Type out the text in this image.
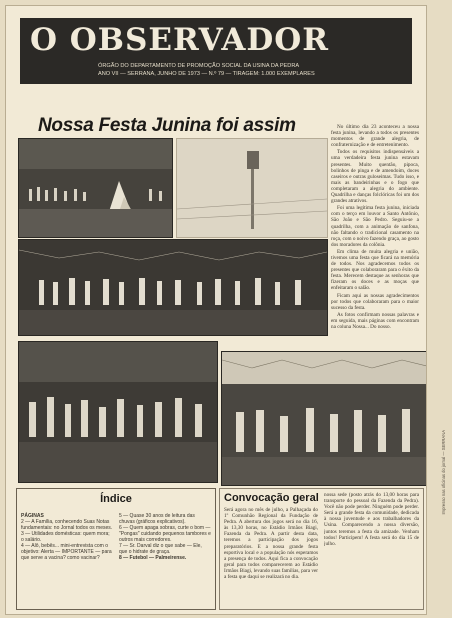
O OBSERVADOR
ÓRGÃO DO DEPARTAMENTO DE PROMOÇÃO SOCIAL DA USINA DA PEDRA
ANO VII — SERRANA, JUNHO DE 1973 — N.º 79 — TIRAGEM: 1.000 EXEMPLARES
Nossa Festa Junina foi assim	No último dia 23 aconteceu a nossa festa junina, levando a todos os presentes momentos de grande alegria, de confraternização e de entretenimento.

Todos os requisitos indispensáveis a uma verdadeira festa junina estavam presentes. Muito quentão, pipoca, bolinhos de pinga e de amendoim, doces caseiros e outras guloseimas. Tudo isso, e mais as bandeirinhas e o fogo que completaram a alegria do ambiente. Quadrilha e danças folclóricas foi um dos grandes atrativos.

Foi uma legítima festa junina, iniciada com o terço em louvor a Santo Antônio, São João e São Pedro. Seguiu-se a quadrilha, com a animação de sanfona, não faltando o tradicional casamento na roça, com o noivo fazendo graça, ao gosto dos moradores da colônia.

Em clima de muita alegria e união, tivemos uma festa que ficará na memória de todos. Nos agradecemos todos os presentes que colaboraram para o êxito da festa. Merecem destaque as senhoras que fizeram os doces e as moças que enfeitaram o salão.

Ficam aqui as nossas agradecimentos por todos que colaboraram para o maior sucesso da festa.

As fotos confirmam nossas palavras e em seguida, mais páginas com encontram na coluna Nossa... Do nosso.

Índice
PÁGINAS
2 — A Família, conhecendo Suas Notas fundamentais: no Jornal todos os meses.
3 — Utilidades domésticas: quem mora; o salário.
4 — Alô, bebês... mini-entrevista com o objetivo: Alerta — IMPORTANTE — para que serve a vacina? como vacinar?
5 — Quase 30 anos de leitura das chuvas (gráficos explicativos).
6 — Quem apaga sobras, curte o bom — "Pongas" cuidando pequenos tambores e outros mais corredores.
7 — Sr. Darval diz o que sabe — Ele, que o hidrate de graça.
8 — Futebol — Palmeirense.
Convocação geral
Será agora no mês de julho, a Palhaçada do 1º Comunhão Regional da Fundação de Pedra. A abertura dos jogos será no dia 16, às 13,30 horas, no Estádio Irmãos Biagi, Fazenda da Pedra. A partir desta data, teremos a participação dos jogos preparatórios. E a nossa grande festa esportiva local e a população nós esperamos a presença de todos. Aqui fica a convocação geral para todos comparecerem ao Estádio Irmãos Biagi, levando suas famílias, para ver a festa que daqui se realizará no dia.
nossa sede (posto atrás do 13,00 horas para transporte do pessoal da Fazenda da Pedra). Você não pode perder. Ninguém pode perder. Será a grande festa da comunidade, dedicada à nossa juventude e aos trabalhadores da Usina. Comparecendo a nossa diversão, juntos teremos a festa da amizade. Venham todos! Participem! A festa será do dia 15 de julho.
Impresso nas oficinas do jornal — SERRANA
